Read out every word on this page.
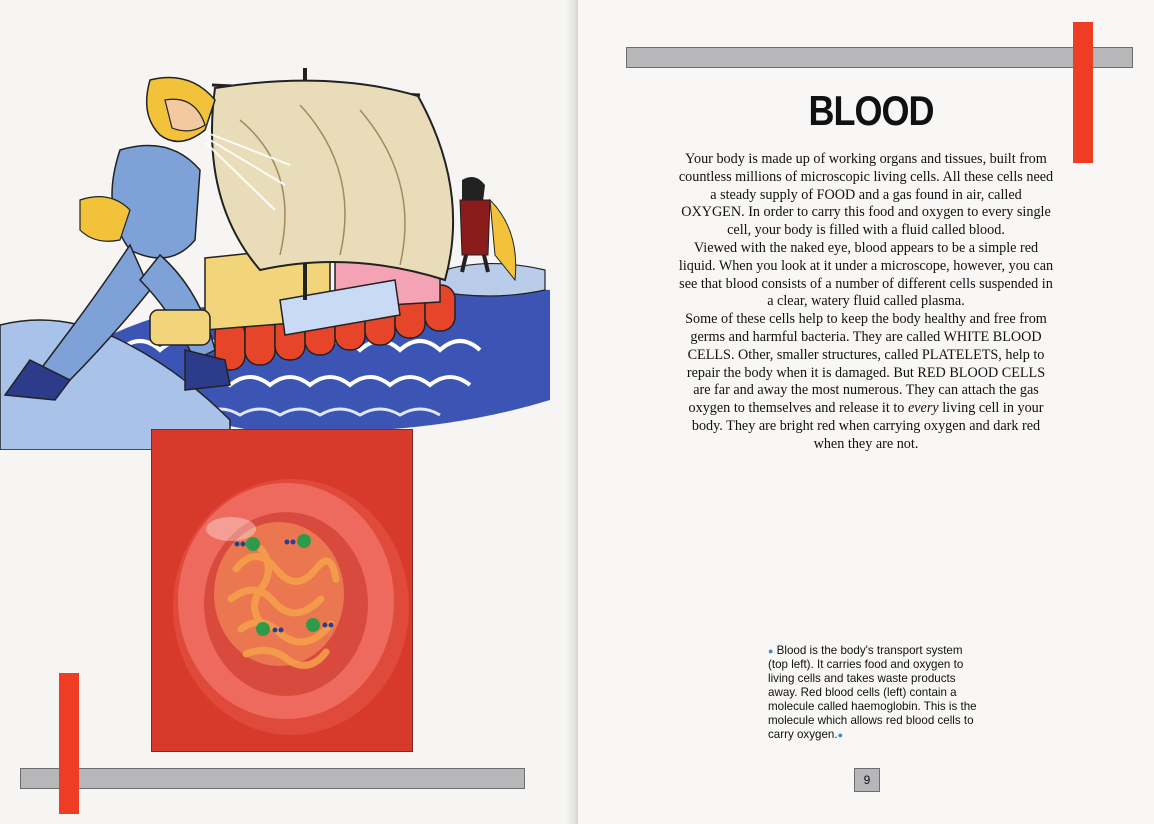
BLOOD

Your body is made up of working organs and tissues, built from countless millions of microscopic living cells. All these cells need a steady supply of FOOD and a gas found in air, called OXYGEN. In order to carry this food and oxygen to every single cell, your body is filled with a fluid called blood.

Viewed with the naked eye, blood appears to be a simple red liquid. When you look at it under a microscope, however, you can see that blood consists of a number of different cells suspended in a clear, watery fluid called plasma.

Some of these cells help to keep the body healthy and free from germs and harmful bacteria. They are called WHITE BLOOD CELLS. Other, smaller structures, called PLATELETS, help to repair the body when it is damaged. But RED BLOOD CELLS are far and away the most numerous. They can attach the gas oxygen to themselves and release it to every living cell in your body. They are bright red when carrying oxygen and dark red when they are not.

● Blood is the body's transport system (top left). It carries food and oxygen to living cells and takes waste products away. Red blood cells (left) contain a molecule called haemoglobin. This is the molecule which allows red blood cells to carry oxygen.●
9
